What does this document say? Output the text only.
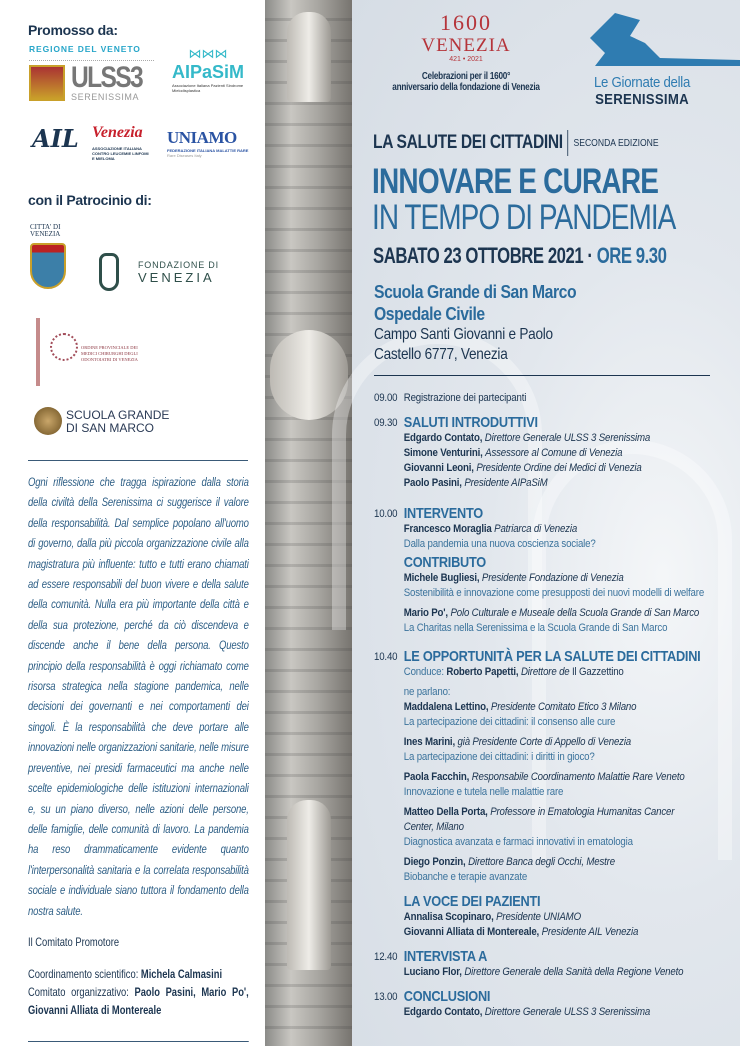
Promosso da:
REGIONE DEL VENETO
ULSS3
SERENISSIMA
⋈⋈⋈
AIPaSiM
Associazione Italiana Pazienti Sindrome Mielodisplastica
AIL Venezia
ASSOCIAZIONE ITALIANA CONTRO LEUCEMIE LINFOMI E MIELOMA
UNIAMO
FEDERAZIONE ITALIANA MALATTIE RARE
Rare Diseases Italy
con il Patrocinio di:
CITTA' DI VENEZIA
FONDAZIONE DI
VENEZIA
ORDINE PROVINCIALE DEI MEDICI CHIRURGHI DEGLI ODONTOIATRI DI VENEZIA
SCUOLA GRANDE
DI SAN MARCO
Ogni riflessione che tragga ispirazione dalla storia della civiltà della Serenissima ci suggerisce il valore della responsabilità. Dal semplice popolano all'uomo di governo, dalla più piccola organizzazione civile alla magistratura più influente: tutto e tutti erano chiamati ad essere responsabili del buon vivere e della salute della comunità. Nulla era più importante della città e della sua protezione, perché da ciò discendeva e discende anche il bene della persona. Questo principio della responsabilità è oggi richiamato come risorsa strategica nella stagione pandemica, nelle decisioni dei governanti e nei comportamenti dei singoli. È la responsabilità che deve portare alle innovazioni nelle organizzazioni sanitarie, nelle misure preventive, nei presidi farmaceutici ma anche nelle scelte epidemiologiche delle istituzioni internazionali e, su un piano diverso, nelle azioni delle persone, delle famiglie, delle comunità di lavoro. La pandemia ha reso drammaticamente evidente quanto l'interpersonalità sanitaria e la correlata responsabilità sociale e individuale siano tuttora il fondamento della nostra salute.
Il Comitato Promotore
Coordinamento scientifico: Michela Calmasini
Comitato organizzativo: Paolo Pasini, Mario Po', Giovanni Alliata di Montereale
1600
VENEZIA
421 • 2021
Celebrazioni per il 1600°
anniversario della fondazione di Venezia	Le Giornate della
SERENISSIMA
LA SALUTE DEI CITTADINI SECONDA EDIZIONE
INNOVARE E CURARE
IN TEMPO DI PANDEMIA
SABATO 23 OTTOBRE 2021 · ORE 9.30
Scuola Grande di San Marco
Ospedale Civile
Campo Santi Giovanni e Paolo
Castello 6777, Venezia
09.00 Registrazione dei partecipanti
09.30 SALUTI INTRODUTTIVI
Edgardo Contato, Direttore Generale ULSS 3 Serenissima
Simone Venturini, Assessore al Comune di Venezia
Giovanni Leoni, Presidente Ordine dei Medici di Venezia
Paolo Pasini, Presidente AIPaSiM
10.00 INTERVENTO
Francesco Moraglia Patriarca di Venezia
Dalla pandemia una nuova coscienza sociale?
CONTRIBUTO
Michele Bugliesi, Presidente Fondazione di Venezia
Sostenibilità e innovazione come presupposti dei nuovi modelli di welfare
Mario Po', Polo Culturale e Museale della Scuola Grande di San Marco
La Charitas nella Serenissima e la Scuola Grande di San Marco
10.40 LE OPPORTUNITÀ PER LA SALUTE DEI CITTADINI
Conduce: Roberto Papetti, Direttore de Il Gazzettino
ne parlano:
Maddalena Lettino, Presidente Comitato Etico 3 Milano
La partecipazione dei cittadini: il consenso alle cure
Ines Marini, già Presidente Corte di Appello di Venezia
La partecipazione dei cittadini: i diritti in gioco?
Paola Facchin, Responsabile Coordinamento Malattie Rare Veneto
Innovazione e tutela nelle malattie rare
Matteo Della Porta, Professore in Ematologia Humanitas Cancer Center, Milano
Diagnostica avanzata e farmaci innovativi in ematologia
Diego Ponzin, Direttore Banca degli Occhi, Mestre
Biobanche e terapie avanzate
LA VOCE DEI PAZIENTI
Annalisa Scopinaro, Presidente UNIAMO
Giovanni Alliata di Montereale, Presidente AIL Venezia
12.40 INTERVISTA A
Luciano Flor, Direttore Generale della Sanità della Regione Veneto
13.00 CONCLUSIONI
Edgardo Contato, Direttore Generale ULSS 3 Serenissima
